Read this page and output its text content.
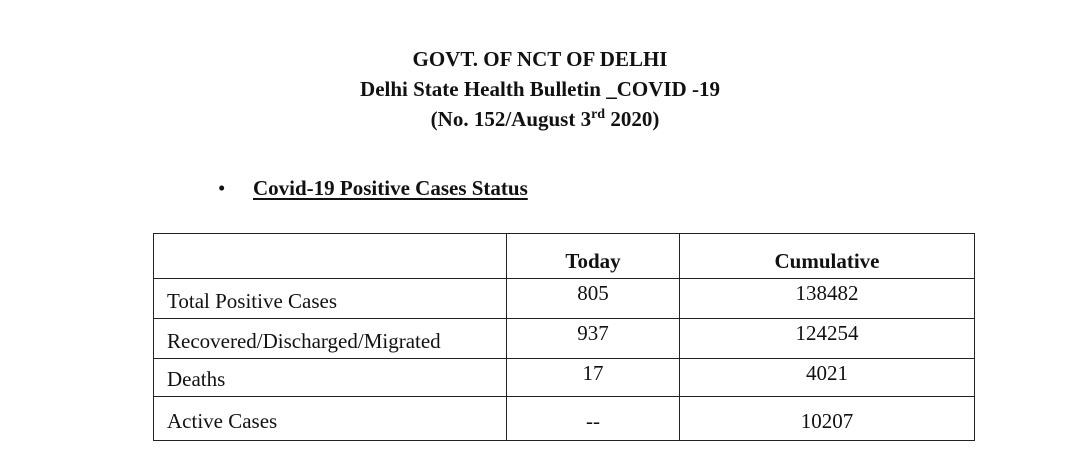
GOVT. OF NCT OF DELHI
Delhi State Health Bulletin _COVID -19
(No. 152/August 3rd 2020)
• Covid-19 Positive Cases Status
	Today	Cumulative
Total Positive Cases	805	138482
Recovered/Discharged/Migrated	937	124254
Deaths	17	4021
Active Cases	--	10207
